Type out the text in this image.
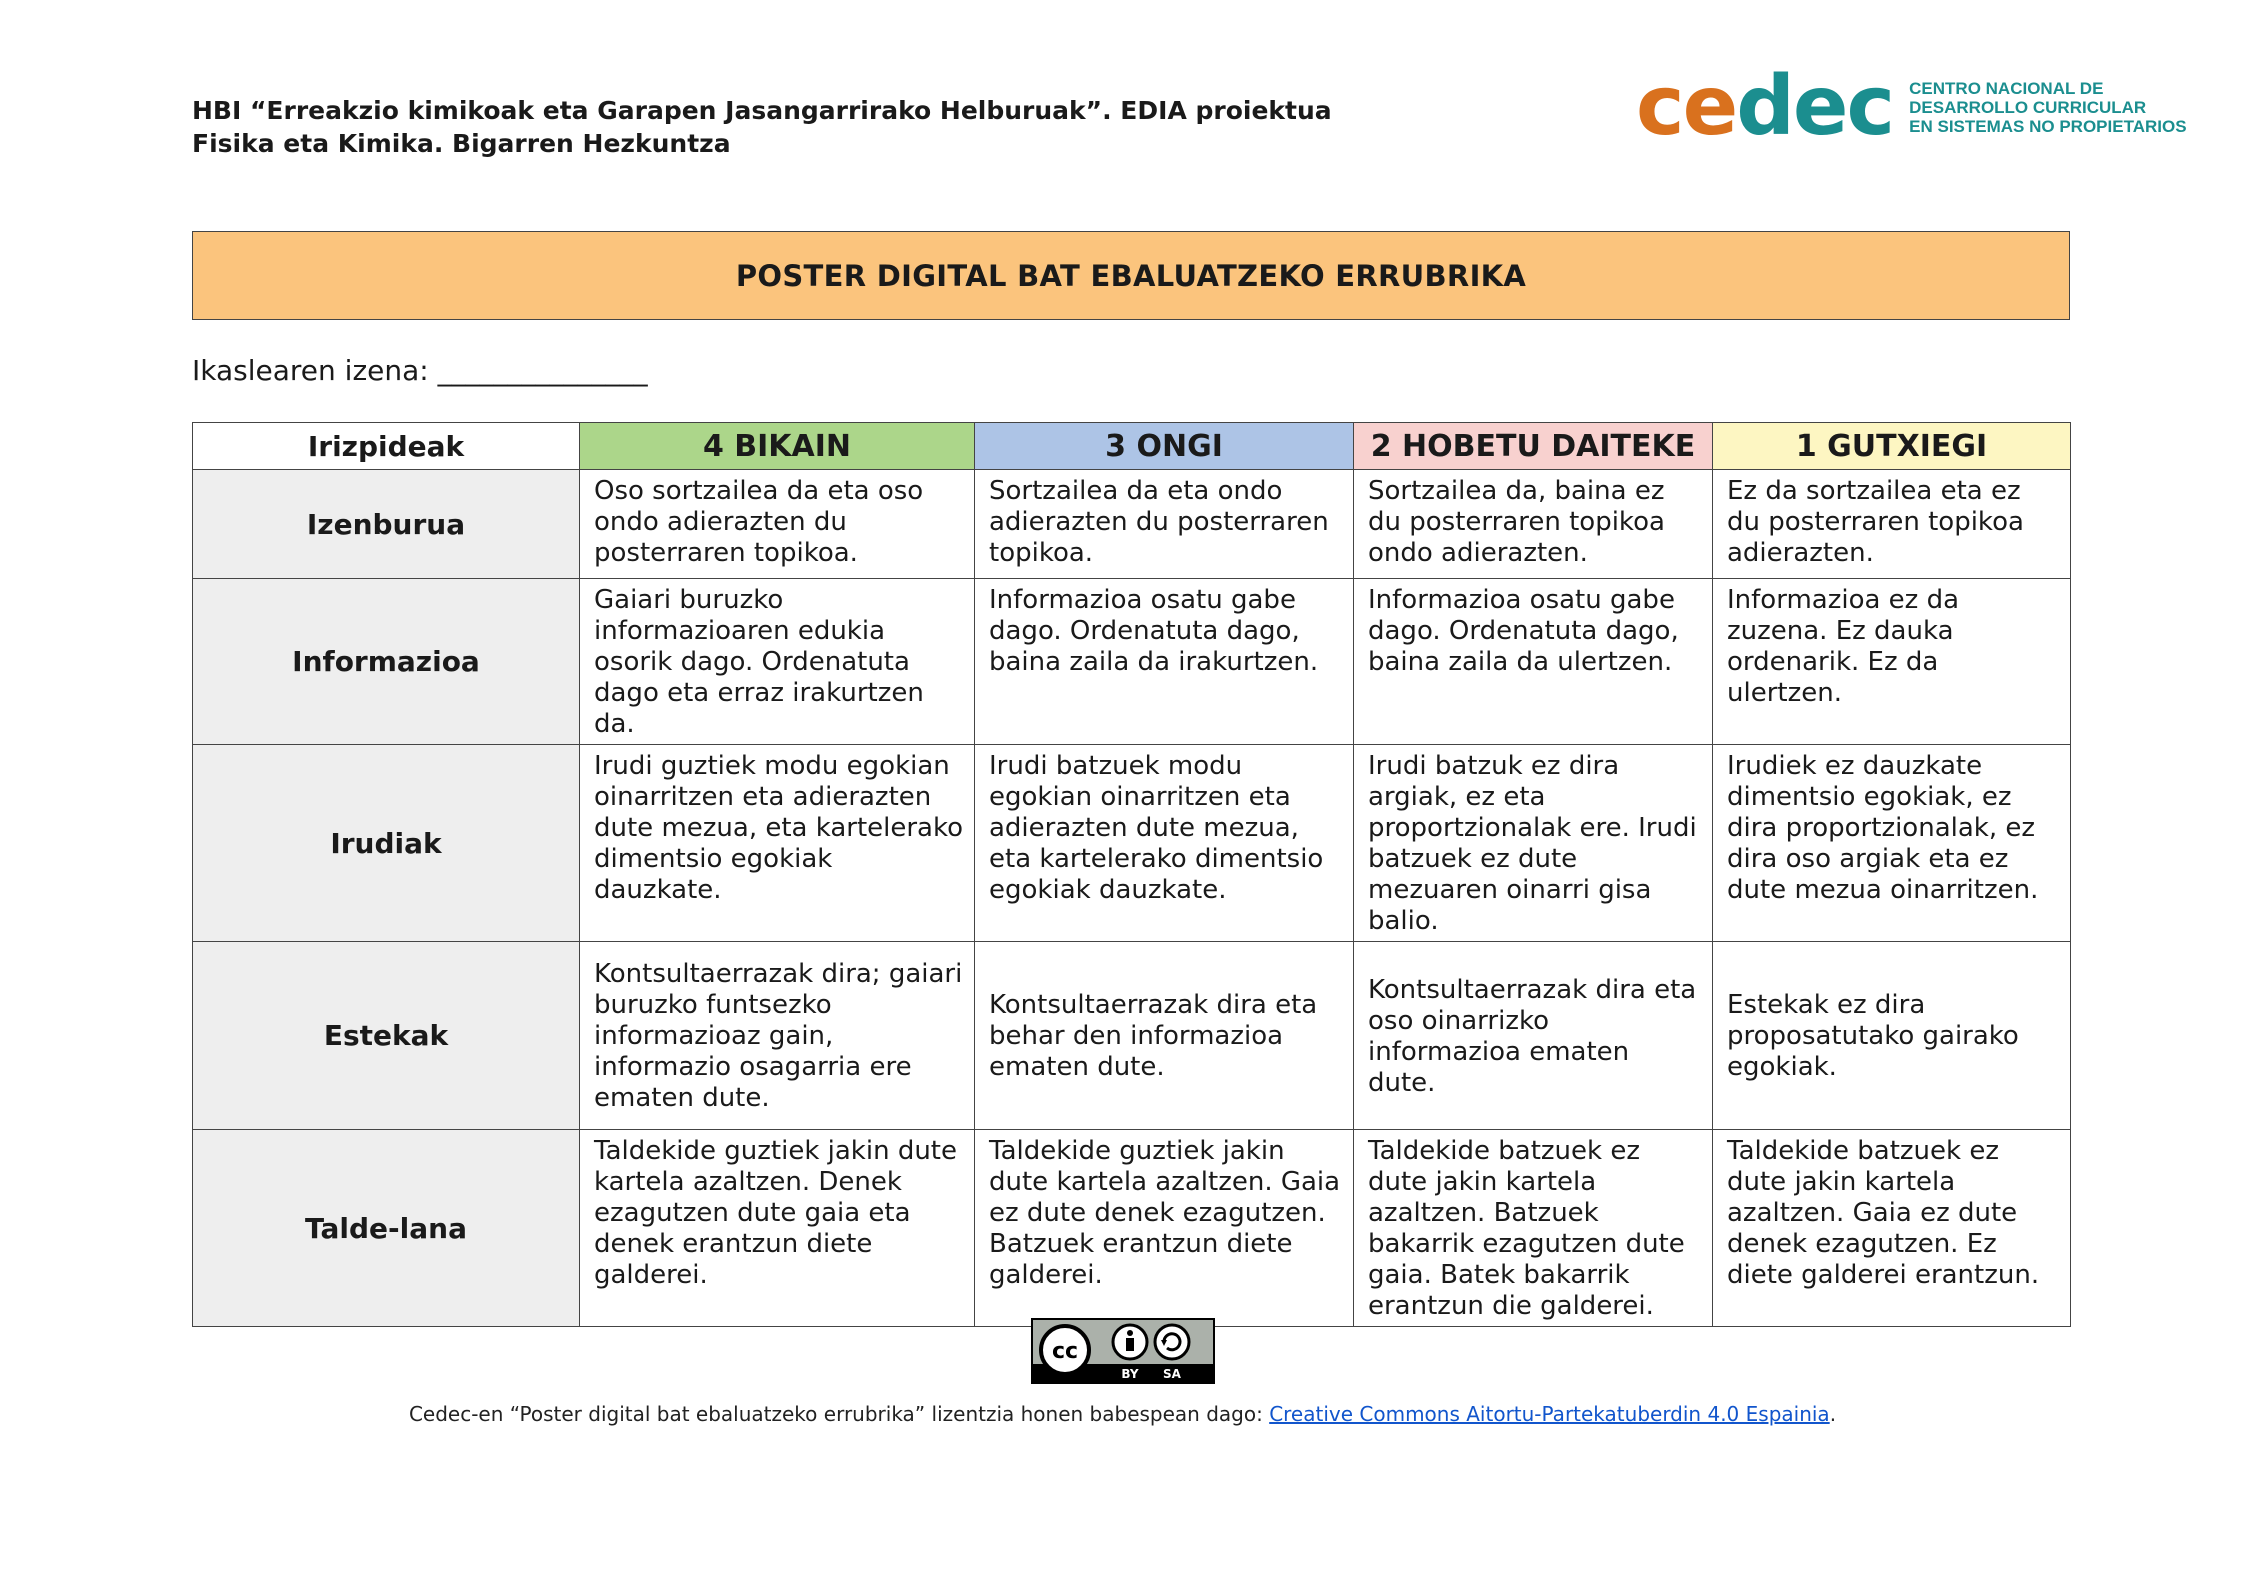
HBI “Erreakzio kimikoak eta Garapen Jasangarrirako Helburuak”. EDIA proiektua
Fisika eta Kimika. Bigarren Hezkuntza	cedec CENTRO NACIONAL DE
DESARROLLO CURRICULAR
EN SISTEMAS NO PROPIETARIOS
POSTER DIGITAL BAT EBALUATZEKO ERRUBRIKA
Ikaslearen izena: _______________
Irizpideak	4 BIKAIN	3 ONGI	2 HOBETU DAITEKE	1 GUTXIEGI
Izenburua	Oso sortzailea da eta oso ondo adierazten du posterraren topikoa.	Sortzailea da eta ondo adierazten du posterraren topikoa.	Sortzailea da, baina ez du posterraren topikoa ondo adierazten.	Ez da sortzailea eta ez du posterraren topikoa adierazten.
Informazioa	Gaiari buruzko informazioaren edukia osorik dago. Ordenatuta dago eta erraz irakurtzen da.	Informazioa osatu gabe dago. Ordenatuta dago, baina zaila da irakurtzen.	Informazioa osatu gabe dago. Ordenatuta dago, baina zaila da ulertzen.	Informazioa ez da zuzena. Ez dauka ordenarik. Ez da ulertzen.
Irudiak	Irudi guztiek modu egokian oinarritzen eta adierazten dute mezua, eta kartelerako dimentsio egokiak dauzkate.	Irudi batzuek modu egokian oinarritzen eta adierazten dute mezua, eta kartelerako dimentsio egokiak dauzkate.	Irudi batzuk ez dira argiak, ez eta proportzionalak ere. Irudi batzuek ez dute mezuaren oinarri gisa balio.	Irudiek ez dauzkate dimentsio egokiak, ez dira proportzionalak, ez dira oso argiak eta ez dute mezua oinarritzen.
Estekak	Kontsultaerrazak dira; gaiari buruzko funtsezko informazioaz gain, informazio osagarria ere ematen dute.	Kontsultaerrazak dira eta behar den informazioa ematen dute.	Kontsultaerrazak dira eta oso oinarrizko informazioa ematen dute.	Estekak ez dira proposatutako gairako egokiak.
Talde-lana	Taldekide guztiek jakin dute kartela azaltzen. Denek ezagutzen dute gaia eta denek erantzun diete galderei.	Taldekide guztiek jakin dute kartela azaltzen. Gaia ez dute denek ezagutzen. Batzuek erantzun diete galderei.	Taldekide batzuek ez dute jakin kartela azaltzen. Batzuek bakarrik ezagutzen dute gaia. Batek bakarrik erantzun die galderei.	Taldekide batzuek ez dute jakin kartela azaltzen. Gaia ez dute denek ezagutzen. Ez diete galderei erantzun.
cc
BY SA
Cedec-en “Poster digital bat ebaluatzeko errubrika” lizentzia honen babespean dago: Creative Commons Aitortu-Partekatuberdin 4.0 Espainia.
